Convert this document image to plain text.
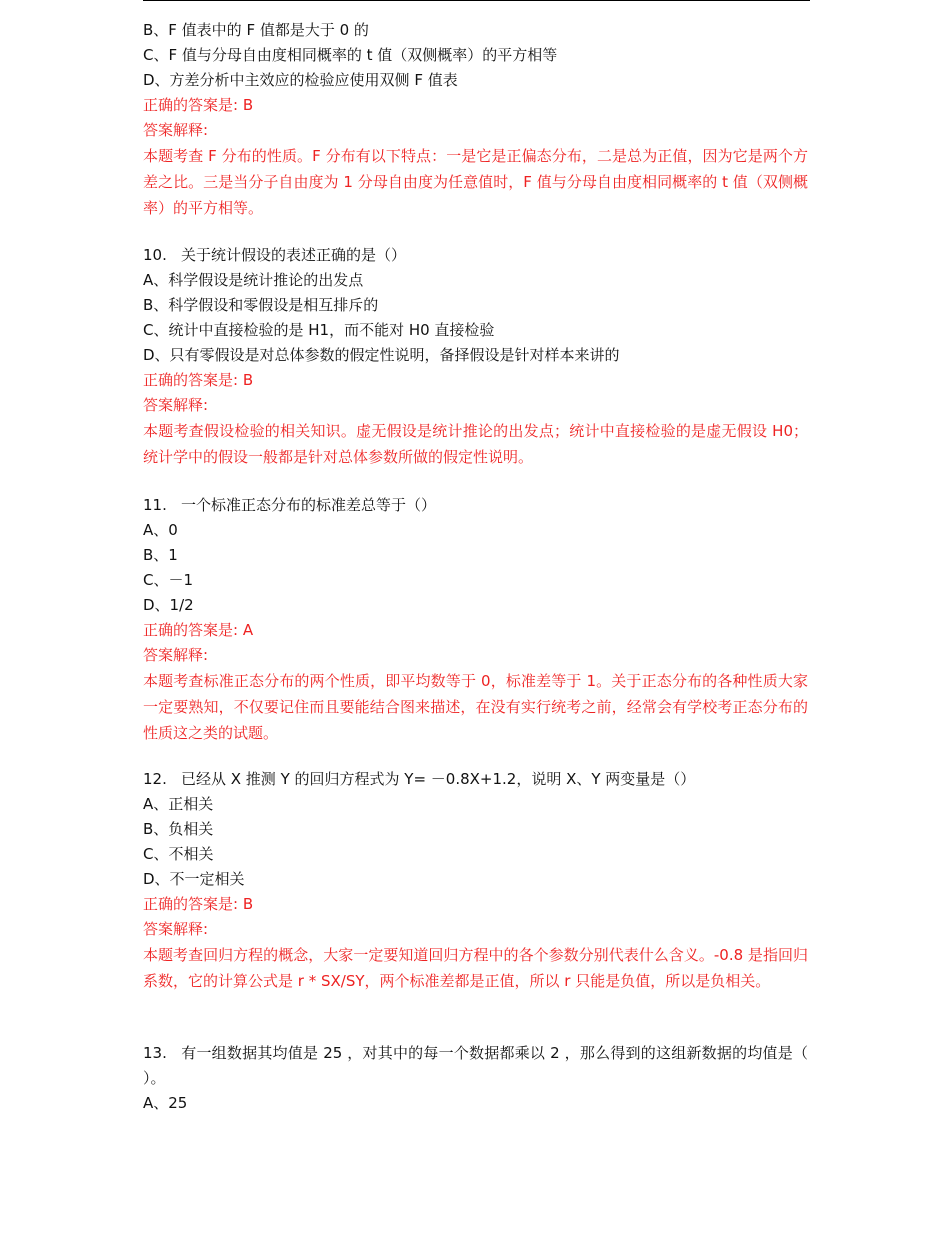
B、F 值表中的 F 值都是大于 0 的
C、F 值与分母自由度相同概率的 t 值（双侧概率）的平方相等
D、方差分析中主效应的检验应使用双侧 F 值表
正确的答案是: B
答案解释:
本题考查 F 分布的性质。F 分布有以下特点：一是它是正偏态分布，二是总为正值，因为它是两个方差之比。三是当分子自由度为 1 分母自由度为任意值时，F 值与分母自由度相同概率的 t 值（双侧概率）的平方相等。
10. 关于统计假设的表述正确的是（）
A、科学假设是统计推论的出发点
B、科学假设和零假设是相互排斥的
C、统计中直接检验的是 H1，而不能对 H0 直接检验
D、只有零假设是对总体参数的假定性说明，备择假设是针对样本来讲的
正确的答案是: B
答案解释:
本题考查假设检验的相关知识。虚无假设是统计推论的出发点；统计中直接检验的是虚无假设 H0；统计学中的假设一般都是针对总体参数所做的假定性说明。
11. 一个标准正态分布的标准差总等于（）
A、0
B、1
C、－1
D、1/2
正确的答案是: A
答案解释:
本题考查标准正态分布的两个性质，即平均数等于 0，标准差等于 1。关于正态分布的各种性质大家一定要熟知，不仅要记住而且要能结合图来描述，在没有实行统考之前，经常会有学校考正态分布的性质这之类的试题。
12. 已经从 X 推测 Y 的回归方程式为 Y= －0.8X+1.2，说明 X、Y 两变量是（）
A、正相关
B、负相关
C、不相关
D、不一定相关
正确的答案是: B
答案解释:
本题考查回归方程的概念，大家一定要知道回归方程中的各个参数分别代表什么含义。-0.8 是指回归系数，它的计算公式是 r * SX/SY，两个标准差都是正值，所以 r 只能是负值，所以是负相关。
13. 有一组数据其均值是 25 ，对其中的每一个数据都乘以 2 ，那么得到的这组新数据的均值是（ ）。
A、25
